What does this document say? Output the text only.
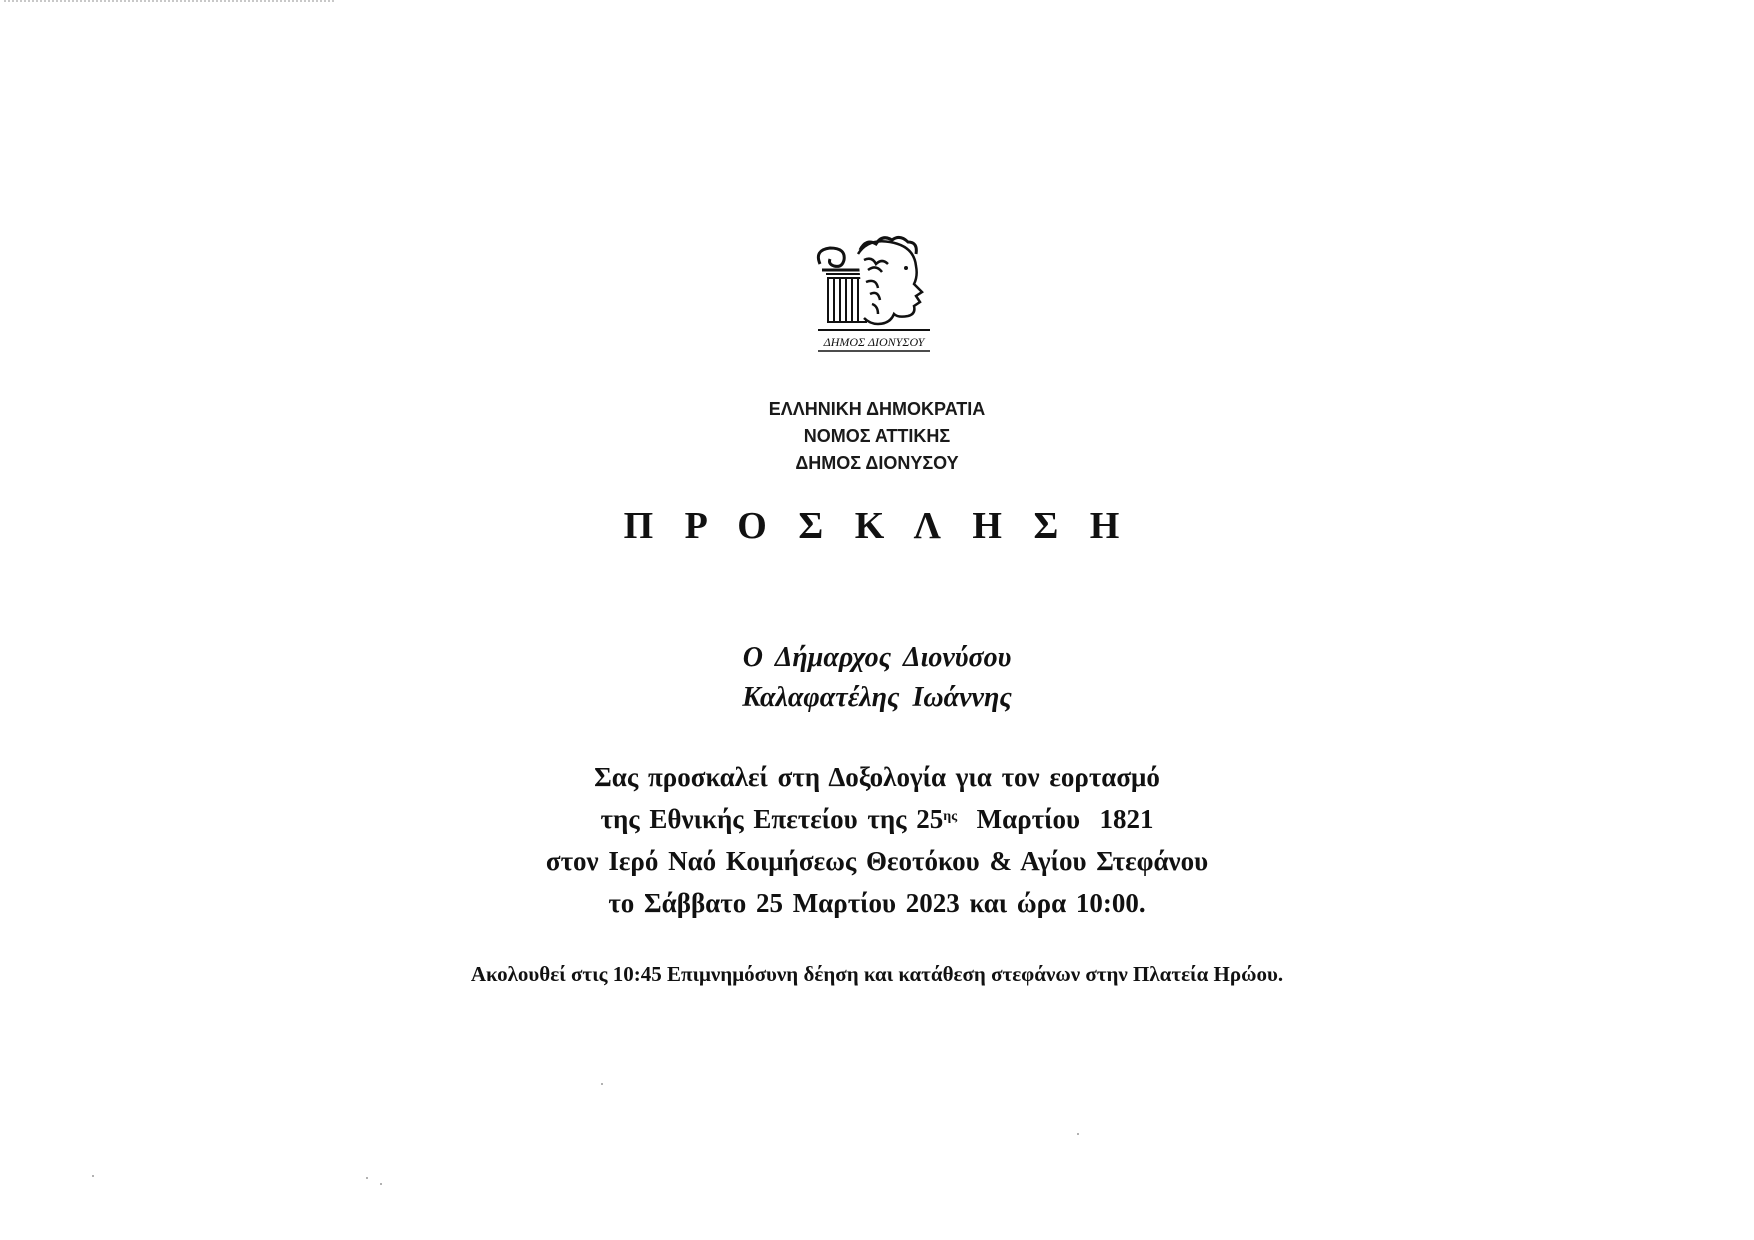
ΔΗΜΟΣ ΔΙΟΝΥΣΟΥ
ΕΛΛΗΝΙΚΗ ΔΗΜΟΚΡΑΤΙΑ
ΝΟΜΟΣ ΑΤΤΙΚΗΣ
ΔΗΜΟΣ ΔΙΟΝΥΣΟΥ
Π Ρ Ο Σ Κ Λ Η Σ Η
Ο Δήμαρχος Διονύσου
Καλαφατέλης Ιωάννης
Σας προσκαλεί στη Δοξολογία για τον εορτασμό
της Εθνικής Επετείου της $25^{\eta\varsigma}$  Μαρτίου  1821
στον Ιερό Ναό Κοιμήσεως Θεοτόκου & Αγίου Στεφάνου
το Σάββατο 25 Μαρτίου 2023 και ώρα 10:00.
Ακολουθεί στις 10:45 Επιμνημόσυνη δέηση και κατάθεση στεφάνων στην Πλατεία Ηρώου.
